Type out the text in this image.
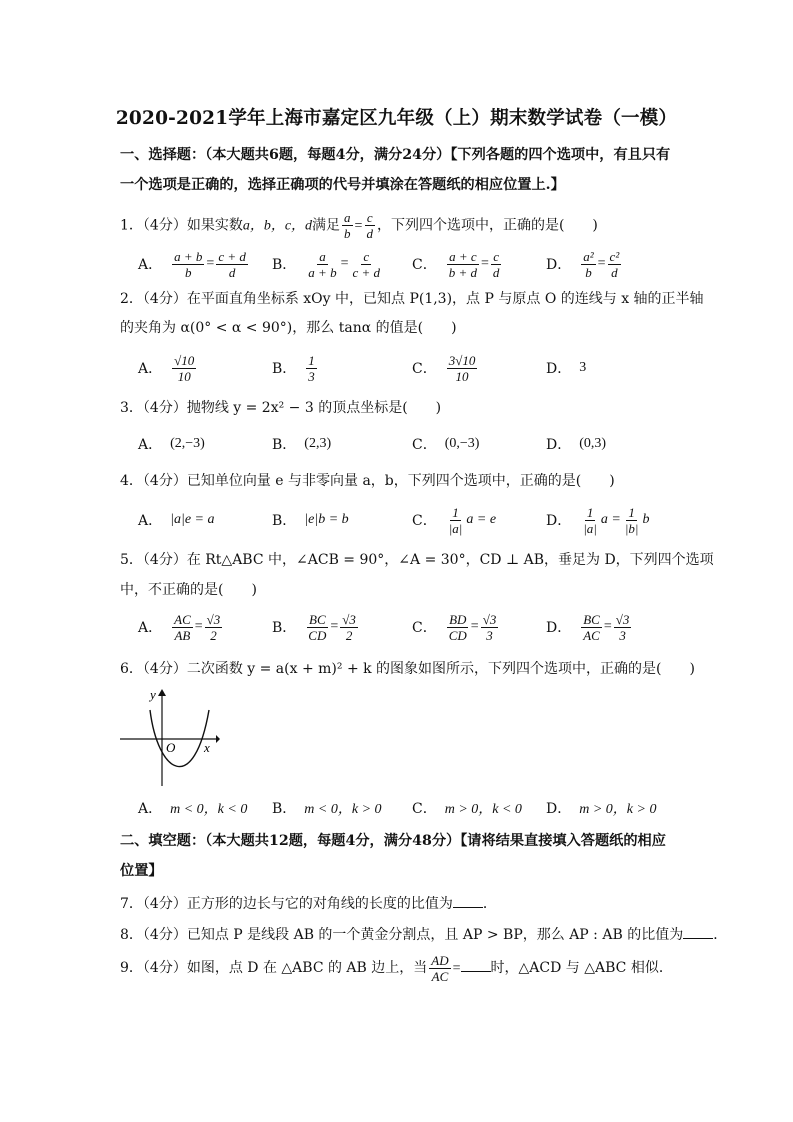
2020-2021学年上海市嘉定区九年级（上）期末数学试卷（一模）
一、选择题：（本大题共6题，每题4分，满分24分）【下列各题的四个选项中，有且只有
一个选项是正确的，选择正确项的代号并填涂在答题纸的相应位置上.】
1．（4分）如果实数a，b，c，d满足 $\frac{a}{b} = \frac{c}{d}$ ，下列四个选项中，正确的是(　　)
A． $\frac{a + b}{b} = \frac{c + d}{d}$ B． $\frac{a}{a + b} = \frac{c}{c + d}$ C． $\frac{a + c}{b + d} = \frac{c}{d}$	D． $\frac{\text{a²}}{b} = \frac{\text{c²}}{d}$
2．（4分）在平面直角坐标系 xOy 中，已知点 P(1,3)，点 P 与原点 O 的连线与 x 轴的正半轴
的夹角为 α(0° < α < 90°)，那么 tanα 的值是(　　)
A． $\frac{√10}{10}$	B． $\frac{1}{3}$	C． $\frac{3√10}{10}$	D． 3
3．（4分）抛物线 y = 2x² − 3 的顶点坐标是(　　)
A． (2,−3)	B． (2,3)	C． (0,−3)	D． (0,3)
4．（4分）已知单位向量 e 与非零向量 a，b，下列四个选项中，正确的是(　　)
A． |a|e = a	B． |e|b = b	C． $\frac{1}{|a|}$ a = e	D． $\frac{1}{|a|}$ $a = \frac{1}{|b|}$ b
5．（4分）在 Rt△ABC 中，∠ACB = 90°，∠A = 30°，CD ⊥ AB，垂足为 D，下列四个选项
中，不正确的是(　　)
A． $\frac{AC}{AB} = \frac{√3}{2}$	B． $\frac{BC}{CD} = \frac{√3}{2}$	C． $\frac{BD}{CD} = \frac{√3}{3}$	D． $\frac{BC}{AC} = \frac{√3}{3}$
6．（4分）二次函数 y = a(x + m)² + k 的图象如图所示，下列四个选项中，正确的是(　　)
y
x
O
A． m < 0，k < 0 B． m < 0，k > 0 C． m > 0，k < 0 D． m > 0，k > 0
二、填空题：（本大题共12题，每题4分，满分48分）【请将结果直接填入答题纸的相应
位置】
7．（4分）正方形的边长与它的对角线的长度的比值为 ．
8．（4分）已知点 P 是线段 AB 的一个黄金分割点，且 AP > BP，那么 AP : AB 的比值为 ．
9．（4分）如图，点 D 在 △ABC 的 AB 边上，当 $\frac{AD}{AC}$ = 时，△ACD 与 △ABC 相似．
